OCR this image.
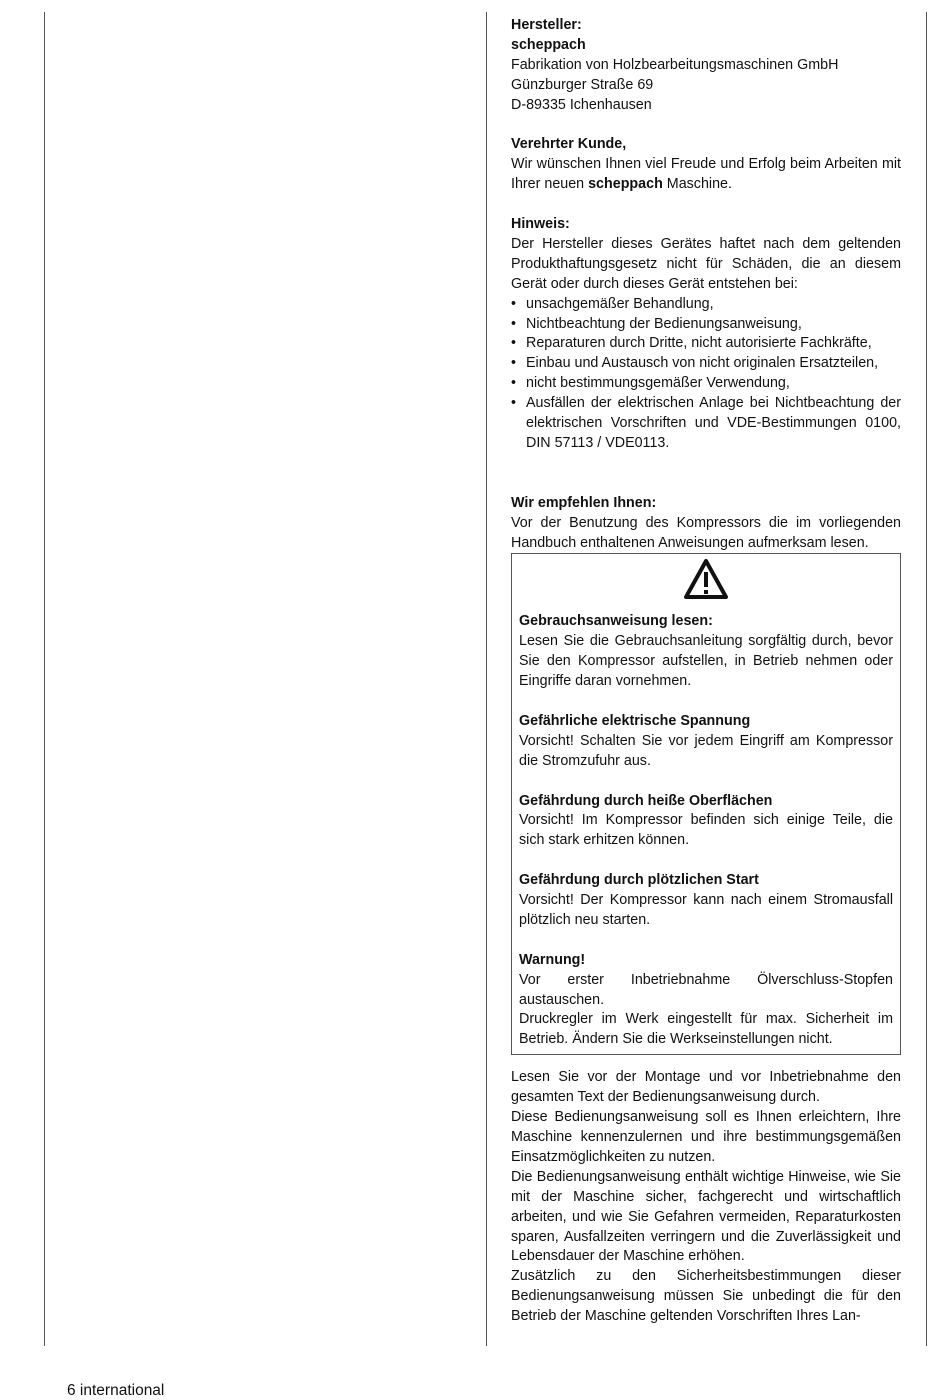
Hersteller:

scheppach

Fabrikation von Holzbearbeitungsmaschinen GmbH

Günzburger Straße 69

D-89335 Ichenhausen

Verehrter Kunde,

Wir wünschen Ihnen viel Freude und Erfolg beim Arbeiten mit Ihrer neuen scheppach Maschine.

Hinweis:

Der Hersteller dieses Gerätes haftet nach dem geltenden Produkthaftungsgesetz nicht für Schäden, die an diesem Gerät oder durch dieses Gerät entstehen bei:

• unsachgemäßer Behandlung,
• Nichtbeachtung der Bedienungsanweisung,
• Reparaturen durch Dritte, nicht autorisierte Fachkräfte,
• Einbau und Austausch von nicht originalen Ersatzteilen,
• nicht bestimmungsgemäßer Verwendung,
• Ausfällen der elektrischen Anlage bei Nichtbeachtung der elektrischen Vorschriften und VDE-Bestimmungen 0100, DIN 57113 / VDE0113.

Wir empfehlen Ihnen:

Vor der Benutzung des Kompressors die im vorliegenden Handbuch enthaltenen Anweisungen aufmerksam lesen.

Gebrauchsanweisung lesen:

Lesen Sie die Gebrauchsanleitung sorgfältig durch, bevor Sie den Kompressor aufstellen, in Betrieb nehmen oder Eingriffe daran vornehmen.

Gefährliche elektrische Spannung

Vorsicht! Schalten Sie vor jedem Eingriff am Kompressor die Stromzufuhr aus.

Gefährdung durch heiße Oberflächen

Vorsicht! Im Kompressor befinden sich einige Teile, die sich stark erhitzen können.

Gefährdung durch plötzlichen Start

Vorsicht! Der Kompressor kann nach einem Stromausfall plötzlich neu starten.

Warnung!

Vor erster Inbetriebnahme Ölverschluss-Stopfen austauschen.

Druckregler im Werk eingestellt für max. Sicherheit im Betrieb. Ändern Sie die Werkseinstellungen nicht.

Lesen Sie vor der Montage und vor Inbetriebnahme den gesamten Text der Bedienungsanweisung durch.

Diese Bedienungsanweisung soll es Ihnen erleichtern, Ihre Maschine kennenzulernen und ihre bestimmungsgemäßen Einsatzmöglichkeiten zu nutzen.

Die Bedienungsanweisung enthält wichtige Hinweise, wie Sie mit der Maschine sicher, fachgerecht und wirtschaftlich arbeiten, und wie Sie Gefahren vermeiden, Reparaturkosten sparen, Ausfallzeiten verringern und die Zuverlässigkeit und Lebensdauer der Maschine erhöhen.

Zusätzlich zu den Sicherheitsbestimmungen dieser Bedienungsanweisung müssen Sie unbedingt die für den Betrieb der Maschine geltenden Vorschriften Ihres Lan-

6 international
